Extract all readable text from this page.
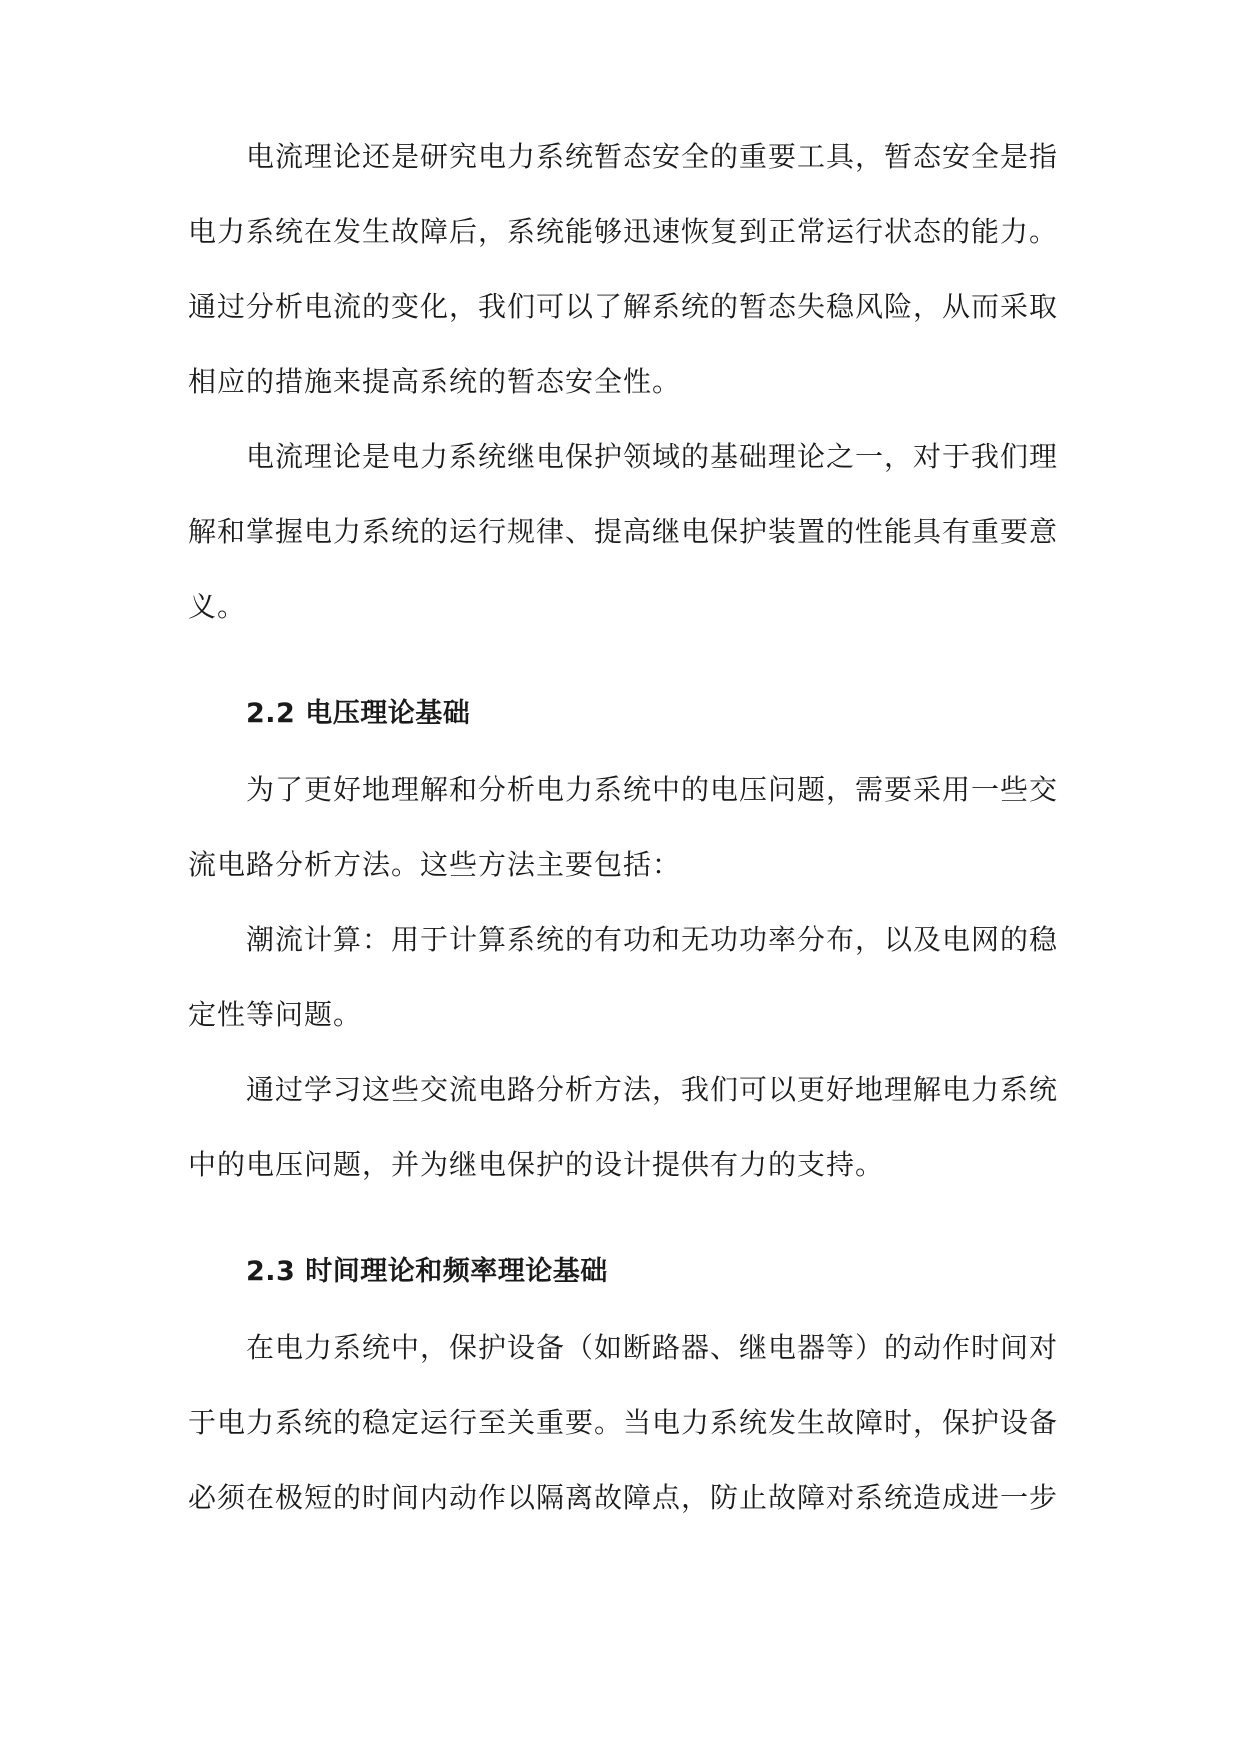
电流理论还是研究电力系统暂态安全的重要工具，暂态安全是指
电力系统在发生故障后，系统能够迅速恢复到正常运行状态的能力。
通过分析电流的变化，我们可以了解系统的暂态失稳风险，从而采取
相应的措施来提高系统的暂态安全性。
电流理论是电力系统继电保护领域的基础理论之一，对于我们理
解和掌握电力系统的运行规律、提高继电保护装置的性能具有重要意
义。
2.2 电压理论基础
为了更好地理解和分析电力系统中的电压问题，需要采用一些交
流电路分析方法。这些方法主要包括：
潮流计算：用于计算系统的有功和无功功率分布，以及电网的稳
定性等问题。
通过学习这些交流电路分析方法，我们可以更好地理解电力系统
中的电压问题，并为继电保护的设计提供有力的支持。
2.3 时间理论和频率理论基础
在电力系统中，保护设备（如断路器、继电器等）的动作时间对
于电力系统的稳定运行至关重要。当电力系统发生故障时，保护设备
必须在极短的时间内动作以隔离故障点，防止故障对系统造成进一步
